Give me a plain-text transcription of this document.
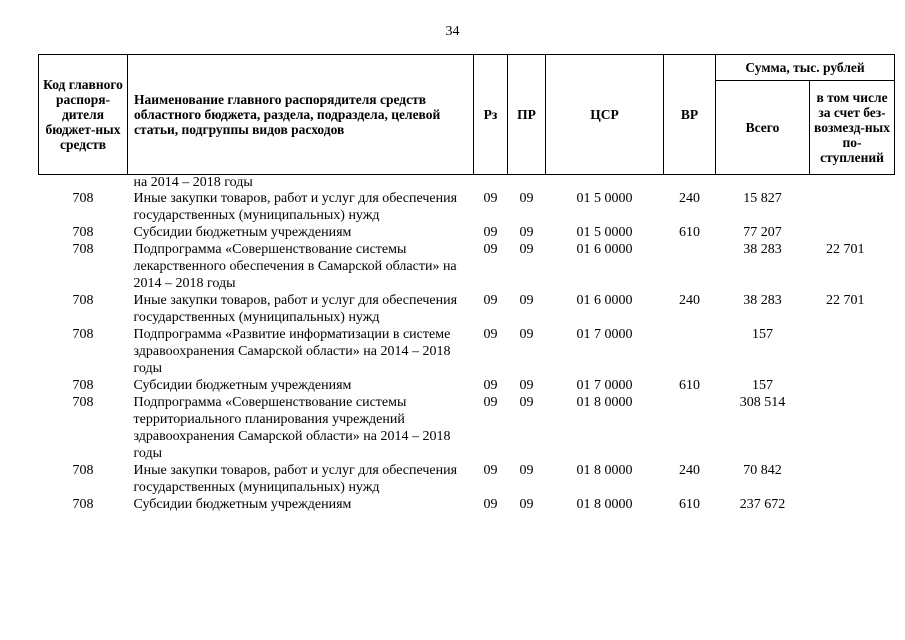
34
Код главного распоря-дителя бюджет-ных средств	Наименование главного распорядителя средств областного бюджета, раздела, подраздела, целевой статьи, подгруппы видов расходов	Рз	ПР	ЦСР	ВР	Сумма, тыс. рублей	
						Всего	в том числе за счет без-возмезд-ных по-ступлений
	на 2014 – 2018 годы						
708	Иные закупки товаров, работ и услуг для обеспечения государственных (муниципальных) нужд	09	09	01 5 0000	240	15 827	
708	Субсидии бюджетным учреждениям	09	09	01 5 0000	610	77 207	
708	Подпрограмма «Совершенствование системы лекарственного обеспечения в Самарской области» на 2014 – 2018 годы	09	09	01 6 0000		38 283	22 701
708	Иные закупки товаров, работ и услуг для обеспечения государственных (муниципальных) нужд	09	09	01 6 0000	240	38 283	22 701
708	Подпрограмма «Развитие информатизации в системе здравоохранения Самарской области» на 2014 – 2018 годы	09	09	01 7 0000		157	
708	Субсидии бюджетным учреждениям	09	09	01 7 0000	610	157	
708	Подпрограмма «Совершенствование системы территориального планирования учреждений здравоохранения Самарской области» на 2014 – 2018 годы	09	09	01 8 0000		308 514	
708	Иные закупки товаров, работ и услуг для обеспечения государственных (муниципальных) нужд	09	09	01 8 0000	240	70 842	
708	Субсидии бюджетным учреждениям	09	09	01 8 0000	610	237 672	
